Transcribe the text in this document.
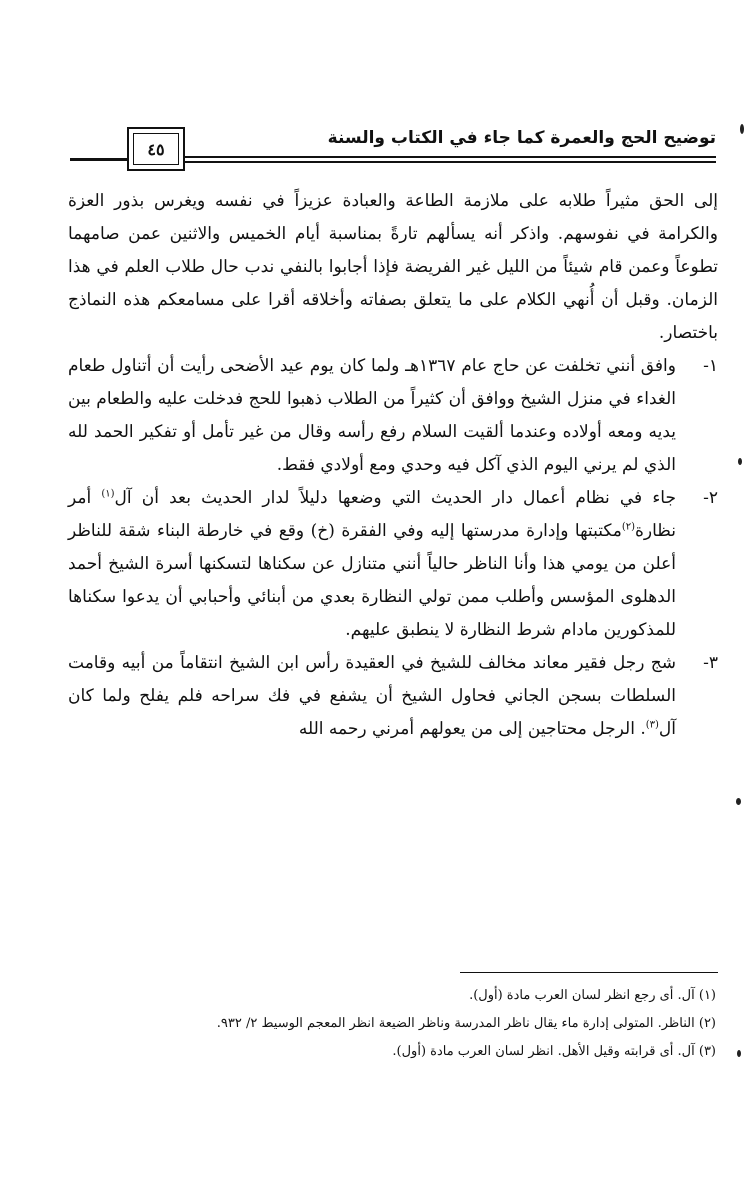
توضيح الحج والعمرة كما جاء في الكتاب والسنة
٤٥

إلى الحق مثيراً طلابه على ملازمة الطاعة والعبادة عزيزاً في نفسه ويغرس بذور العزة والكرامة في نفوسهم. واذكر أنه يسألهم تارةً بمناسبة أيام الخميس والاثنين عمن صامهما تطوعاً وعمن قام شيئاً من الليل غير الفريضة فإذا أجابوا بالنفي ندب حال طلاب العلم في هذا الزمان. وقبل أن أُنهي الكلام على ما يتعلق بصفاته وأخلاقه أقرا على مسامعكم هذه النماذج باختصار.

١-
وافق أنني تخلفت عن حاج عام ١٣٦٧هـ ولما كان يوم عيد الأضحى رأيت أن أتناول طعام الغداء في منزل الشيخ ووافق أن كثيراً من الطلاب ذهبوا للحج فدخلت عليه والطعام بين يديه ومعه أولاده وعندما ألقيت السلام رفع رأسه وقال من غير تأمل أو تفكير الحمد لله الذي لم يرني اليوم الذي آكل فيه وحدي ومع أولادي فقط.

٢-
جاء في نظام أعمال دار الحديث التي وضعها دليلاً لدار الحديث بعد أن آل$^{(١)}$ أمر نظارة$^{(٢)}$مكتبتها وإدارة مدرستها إليه وفي الفقرة (خ) وقع في خارطة البناء شقة للناظر أعلن من يومي هذا وأنا الناظر حالياً أنني متنازل عن سكناها لتسكنها أسرة الشيخ أحمد الدهلوى المؤسس وأطلب ممن تولي النظارة بعدي من أبنائي وأحبابي أن يدعوا سكناها للمذكورين مادام شرط النظارة لا ينطبق عليهم.

٣-
شج رجل فقير معاند مخالف للشيخ في العقيدة رأس ابن الشيخ انتقاماً من أبيه وقامت السلطات بسجن الجاني فحاول الشيخ أن يشفع في فك سراحه فلم يفلح ولما كان آل$^{(٣)}$. الرجل محتاجين إلى من يعولهم أمرني رحمه الله

(١) آل. أى رجع انظر لسان العرب مادة (أول).

(٢) الناظر. المتولى إدارة ماء يقال ناظر المدرسة وناظر الضيعة انظر المعجم الوسيط ٢/ ٩٣٢.

(٣) آل. أى قرابته وقيل الأهل. انظر لسان العرب مادة (أول).
